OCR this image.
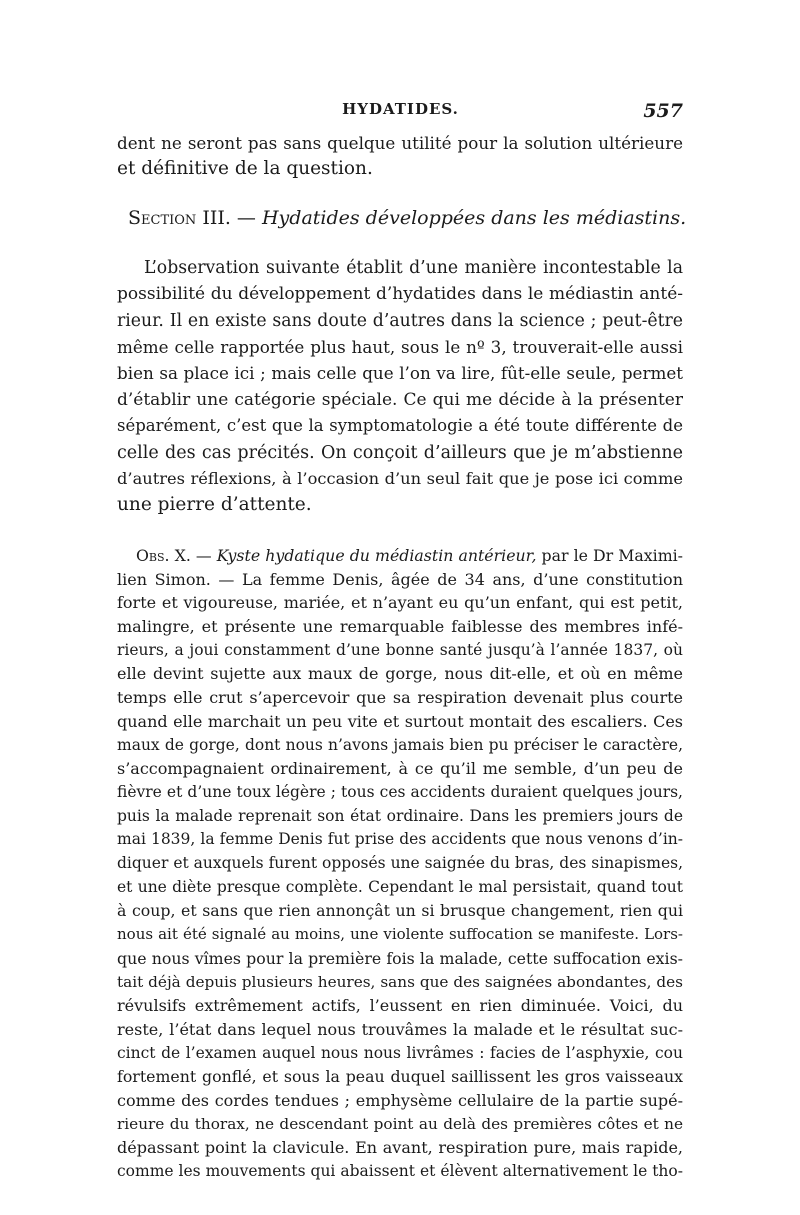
HYDATIDES.	557
dent ne seront pas sans quelque utilité pour la solution ultérieure
et définitive de la question.
Section III. — Hydatides développées dans les médiastins.
L’observation suivante établit d’une manière incontestable la
possibilité du développement d’hydatides dans le médiastin anté-
rieur. Il en existe sans doute d’autres dans la science ; peut-être
même celle rapportée plus haut, sous le nº 3, trouverait-elle aussi
bien sa place ici ; mais celle que l’on va lire, fût-elle seule, permet
d’établir une catégorie spéciale. Ce qui me décide à la présenter
séparément, c’est que la symptomatologie a été toute différente de
celle des cas précités. On conçoit d’ailleurs que je m’abstienne
d’autres réflexions, à l’occasion d’un seul fait que je pose ici comme
une pierre d’attente.
Obs. X. — Kyste hydatique du médiastin antérieur, par le Dr Maximi-
lien Simon. — La femme Denis, âgée de 34 ans, d’une constitution
forte et vigoureuse, mariée, et n’ayant eu qu’un enfant, qui est petit,
malingre, et présente une remarquable faiblesse des membres infé-
rieurs, a joui constamment d’une bonne santé jusqu’à l’année 1837, où
elle devint sujette aux maux de gorge, nous dit-elle, et où en même
temps elle crut s’apercevoir que sa respiration devenait plus courte
quand elle marchait un peu vite et surtout montait des escaliers. Ces
maux de gorge, dont nous n’avons jamais bien pu préciser le caractère,
s’accompagnaient ordinairement, à ce qu’il me semble, d’un peu de
fièvre et d’une toux légère ; tous ces accidents duraient quelques jours,
puis la malade reprenait son état ordinaire. Dans les premiers jours de
mai 1839, la femme Denis fut prise des accidents que nous venons d’in-
diquer et auxquels furent opposés une saignée du bras, des sinapismes,
et une diète presque complète. Cependant le mal persistait, quand tout
à coup, et sans que rien annonçât un si brusque changement, rien qui
nous ait été signalé au moins, une violente suffocation se manifeste. Lors-
que nous vîmes pour la première fois la malade, cette suffocation exis-
tait déjà depuis plusieurs heures, sans que des saignées abondantes, des
révulsifs extrêmement actifs, l’eussent en rien diminuée. Voici, du
reste, l’état dans lequel nous trouvâmes la malade et le résultat suc-
cinct de l’examen auquel nous nous livrâmes : facies de l’asphyxie, cou
fortement gonflé, et sous la peau duquel saillissent les gros vaisseaux
comme des cordes tendues ; emphysème cellulaire de la partie supé-
rieure du thorax, ne descendant point au delà des premières côtes et ne
dépassant point la clavicule. En avant, respiration pure, mais rapide,
comme les mouvements qui abaissent et élèvent alternativement le tho-
